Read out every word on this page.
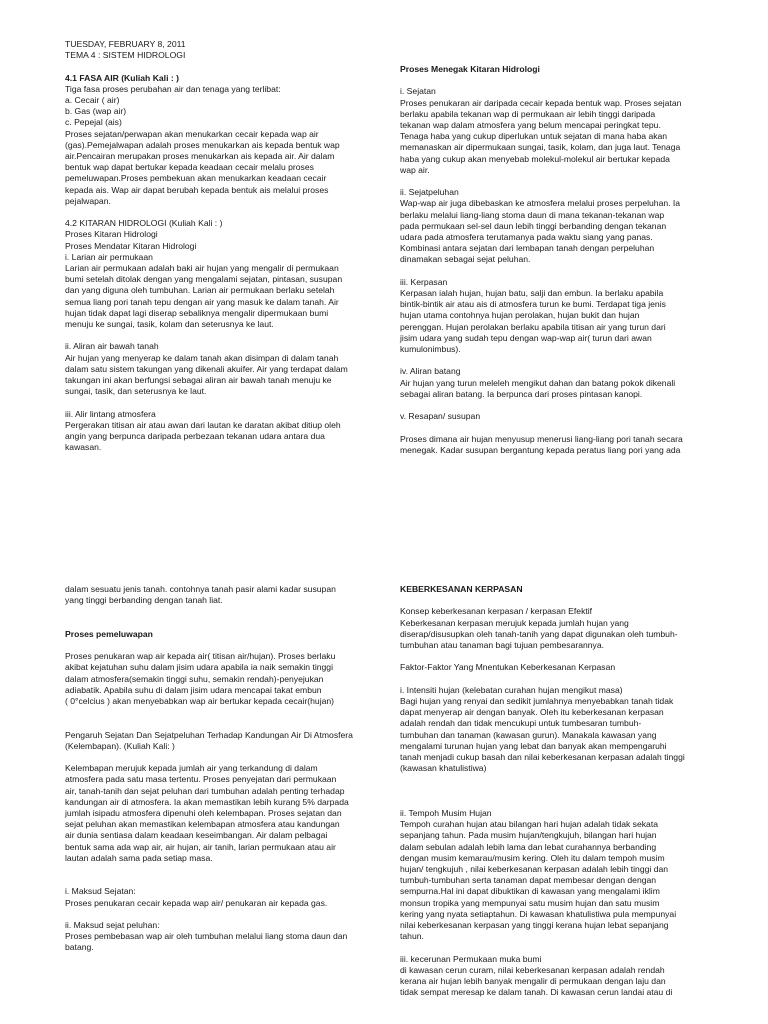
TUESDAY, FEBRUARY 8, 2011

TEMA 4 : SISTEM HIDROLOGI

4.1 FASA AIR (Kuliah Kali : )

Tiga fasa proses perubahan air dan tenaga yang terlibat:
a. Cecair ( air)
b. Gas (wap air)
c. Pepejal (ais)
Proses sejatan/perwapan akan menukarkan cecair kepada wap air
(gas).Pemejalwapan adalah proses menukarkan ais kepada bentuk wap
air.Pencairan merupakan proses menukarkan ais kepada air. Air dalam
bentuk wap dapat bertukar kepada keadaan cecair melalu proses
pemeluwapan.Proses pembekuan akan menukarkan keadaan cecair
kepada ais. Wap air dapat berubah kepada bentuk ais melalui proses
pejalwapan.

4.2 KITARAN HIDROLOGI (Kuliah Kali : )
Proses Kitaran Hidrologi
Proses Mendatar Kitaran Hidrologi
i. Larian air permukaan
Larian air permukaan adalah baki air hujan yang mengalir di permukaan
bumi setelah ditolak dengan yang mengalami sejatan, pintasan, susupan
dan yang diguna oleh tumbuhan. Larian air permukaan berlaku setelah
semua liang pori tanah tepu dengan air yang masuk ke dalam tanah. Air
hujan tidak dapat lagi diserap sebaliknya mengalir dipermukaan bumi
menuju ke sungai, tasik, kolam dan seterusnya ke laut.

ii. Aliran air bawah tanah
Air hujan yang menyerap ke dalam tanah akan disimpan di dalam tanah
dalam satu sistem takungan yang dikenali akuifer. Air yang terdapat dalam
takungan ini akan berfungsi sebagai aliran air bawah tanah menuju ke
sungai, tasik, dan seterusnya ke laut.

iii. Alir lintang atmosfera
Pergerakan titisan air atau awan dari lautan ke daratan akibat ditiup oleh
angin yang berpunca daripada perbezaan tekanan udara antara dua
kawasan.

Proses Menegak Kitaran Hidrologi

i. Sejatan
Proses penukaran air daripada cecair kepada bentuk wap. Proses sejatan
berlaku apabila tekanan wap di permukaan air lebih tinggi daripada
tekanan wap dalam atmosfera yang belum mencapai peringkat tepu.
Tenaga haba yang cukup diperlukan untuk sejatan di mana haba akan
memanaskan air dipermukaan sungai, tasik, kolam, dan juga laut. Tenaga
haba yang cukup akan menyebab molekul-molekul air bertukar kepada
wap air.

ii. Sejatpeluhan
Wap-wap air juga dibebaskan ke atmosfera melalui proses perpeluhan. Ia
berlaku melalui liang-liang stoma daun di mana tekanan-tekanan wap
pada permukaan sel-sel daun lebih tinggi berbanding dengan tekanan
udara pada atmosfera terutamanya pada waktu siang yang panas.
Kombinasi antara sejatan dari lembapan tanah dengan perpeluhan
dinamakan sebagai sejat peluhan.

iii. Kerpasan
Kerpasan ialah hujan, hujan batu, salji dan embun. Ia berlaku apabila
bintik-bintik air atau ais di atmosfera turun ke bumi. Terdapat tiga jenis
hujan utama contohnya hujan perolakan, hujan bukit dan hujan
perenggan. Hujan perolakan berlaku apabila titisan air yang turun dari
jisim udara yang sudah tepu dengan wap-wap air( turun dari awan
kumulonimbus).

iv. Aliran batang
Air hujan yang turun meleleh mengikut dahan dan batang pokok dikenali
sebagai aliran batang. Ia berpunca dari proses pintasan kanopi.

v. Resapan/ susupan

Proses dimana air hujan menyusup menerusi liang-liang pori tanah secara
menegak. Kadar susupan bergantung kepada peratus liang pori yang ada

dalam sesuatu jenis tanah. contohnya tanah pasir alami kadar susupan
yang tinggi berbanding dengan tanah liat.

Proses pemeluwapan

Proses penukaran wap air kepada air( titisan air/hujan). Proses berlaku
akibat kejatuhan suhu dalam jisim udara apabila ia naik semakin tinggi
dalam atmosfera(semakin tinggi suhu, semakin rendah)-penyejukan
adiabatik. Apabila suhu di dalam jisim udara mencapai takat embun
( 0°celcius ) akan menyebabkan wap air bertukar kepada cecair(hujan)

Pengaruh Sejatan Dan Sejatpeluhan Terhadap Kandungan Air Di Atmosfera
(Kelembapan). (Kuliah Kali: )

Kelembapan merujuk kepada jumlah air yang terkandung di dalam
atmosfera pada satu masa tertentu. Proses penyejatan dari permukaan
air, tanah-tanih dan sejat peluhan dari tumbuhan adalah penting terhadap
kandungan air di atmosfera. Ia akan memastikan lebih kurang 5% darpada
jumlah isipadu atmosfera dipenuhi oleh kelembapan. Proses sejatan dan
sejat peluhan akan memastikan kelembapan atmosfera atau kandungan
air dunia sentiasa dalam keadaan keseimbangan. Air dalam pelbagai
bentuk sama ada wap air, air hujan, air tanih, larian permukaan atau air
lautan adalah sama pada setiap masa.

i. Maksud Sejatan:
Proses penukaran cecair kepada wap air/ penukaran air kepada gas.

ii. Maksud sejat peluhan:
Proses pembebasan wap air oleh tumbuhan melalui liang stoma daun dan
batang.

KEBERKESANAN KERPASAN

Konsep keberkesanan kerpasan / kerpasan Efektif
Keberkesanan kerpasan merujuk kepada jumlah hujan yang
diserap/disusupkan oleh tanah-tanih yang dapat digunakan oleh tumbuh-
tumbuhan atau tanaman bagi tujuan pembesarannya.

Faktor-Faktor Yang Mnentukan Keberkesanan Kerpasan

i. Intensiti hujan (kelebatan curahan hujan mengikut masa)
Bagi hujan yang renyai dan sedikit jumlahnya menyebabkan tanah tidak
dapat menyerap air dengan banyak. Oleh itu keberkesanan kerpasan
adalah rendah dan tidak mencukupi untuk tumbesaran tumbuh-
tumbuhan dan tanaman (kawasan gurun). Manakala kawasan yang
mengalami turunan hujan yang lebat dan banyak akan mempengaruhi
tanah menjadi cukup basah dan nilai keberkesanan kerpasan adalah tinggi
(kawasan khatulistiwa)

ii. Tempoh Musim Hujan
Tempoh curahan hujan atau bilangan hari hujan adalah tidak sekata
sepanjang tahun. Pada musim hujan/tengkujuh, bilangan hari hujan
dalam sebulan adalah lebih lama dan lebat curahannya berbanding
dengan musim kemarau/musim kering. Oleh itu dalam tempoh musim
hujan/ tengkujuh , nilai keberkesanan kerpasan adalah lebih tinggi dan
tumbuh-tumbuhan serta tanaman dapat membesar dengan dengan
sempurna.Hal ini dapat dibuktikan di kawasan yang mengalami iklim
monsun tropika yang mempunyai satu musim hujan dan satu musim
kering yang nyata setiaptahun. Di kawasan khatulistiwa pula mempunyai
nilai keberkesanan kerpasan yang tinggi kerana hujan lebat sepanjang
tahun.

iii. kecerunan Permukaan muka bumi
di kawasan cerun curam, nilai keberkesanan kerpasan adalah rendah
kerana air hujan lebih banyak mengalir di permukaan dengan laju dan
tidak sempat meresap ke dalam tanah. Di kawasan cerun landai atau di
